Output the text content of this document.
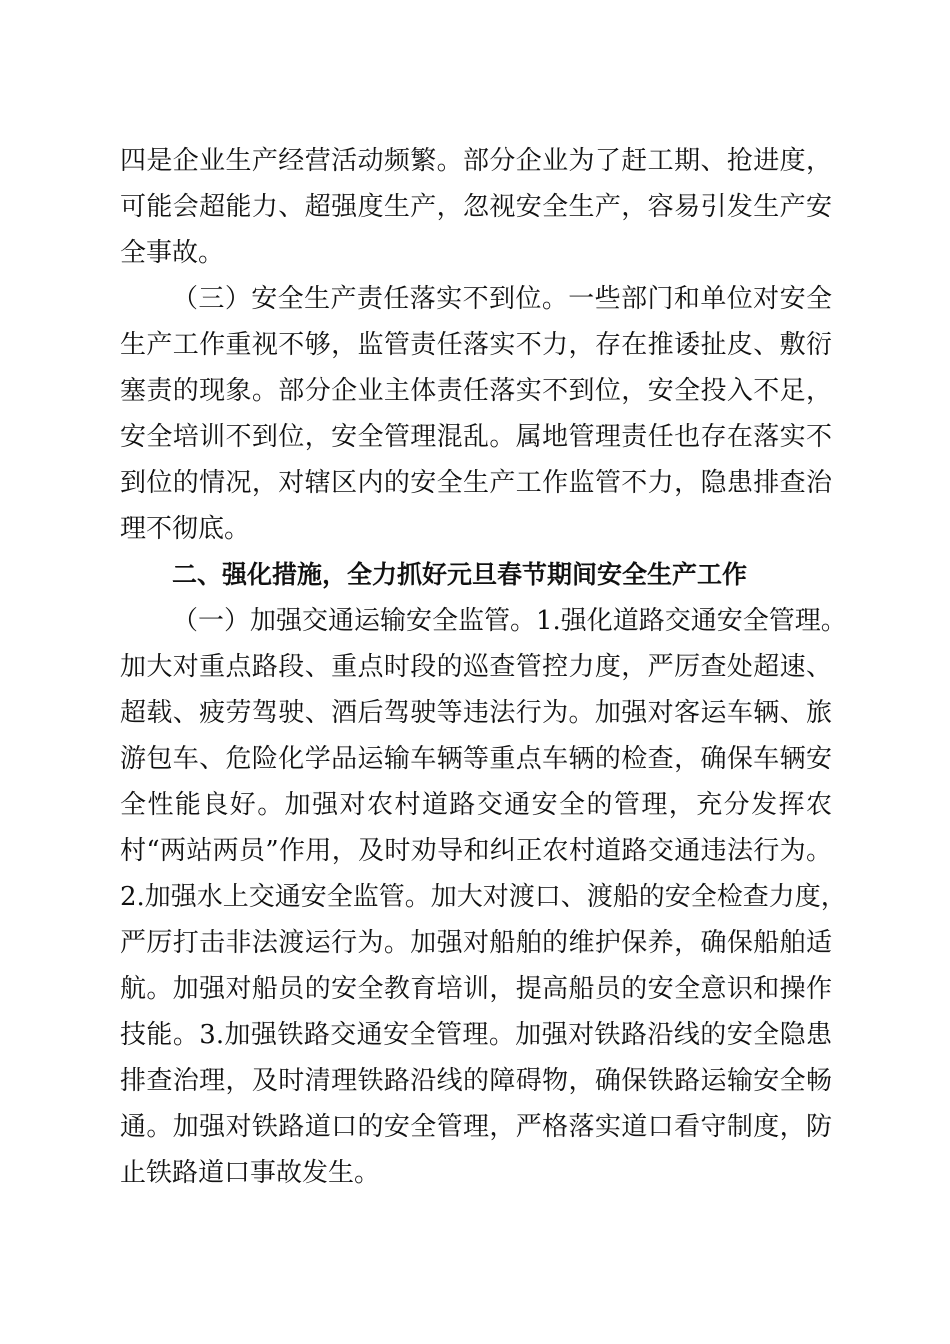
四是企业生产经营活动频繁。部分企业为了赶工期、抢进度，
可能会超能力、超强度生产，忽视安全生产，容易引发生产安
全事故。
（三）安全生产责任落实不到位。一些部门和单位对安全
生产工作重视不够，监管责任落实不力，存在推诿扯皮、敷衍
塞责的现象。部分企业主体责任落实不到位，安全投入不足，
安全培训不到位，安全管理混乱。属地管理责任也存在落实不
到位的情况，对辖区内的安全生产工作监管不力，隐患排查治
理不彻底。
二、强化措施，全力抓好元旦春节期间安全生产工作
（一）加强交通运输安全监管。1.强化道路交通安全管理。
加大对重点路段、重点时段的巡查管控力度，严厉查处超速、
超载、疲劳驾驶、酒后驾驶等违法行为。加强对客运车辆、旅
游包车、危险化学品运输车辆等重点车辆的检查，确保车辆安
全性能良好。加强对农村道路交通安全的管理，充分发挥农
村“两站两员”作用，及时劝导和纠正农村道路交通违法行为。
2.加强水上交通安全监管。加大对渡口、渡船的安全检查力度，
严厉打击非法渡运行为。加强对船舶的维护保养，确保船舶适
航。加强对船员的安全教育培训，提高船员的安全意识和操作
技能。3.加强铁路交通安全管理。加强对铁路沿线的安全隐患
排查治理，及时清理铁路沿线的障碍物，确保铁路运输安全畅
通。加强对铁路道口的安全管理，严格落实道口看守制度，防
止铁路道口事故发生。
